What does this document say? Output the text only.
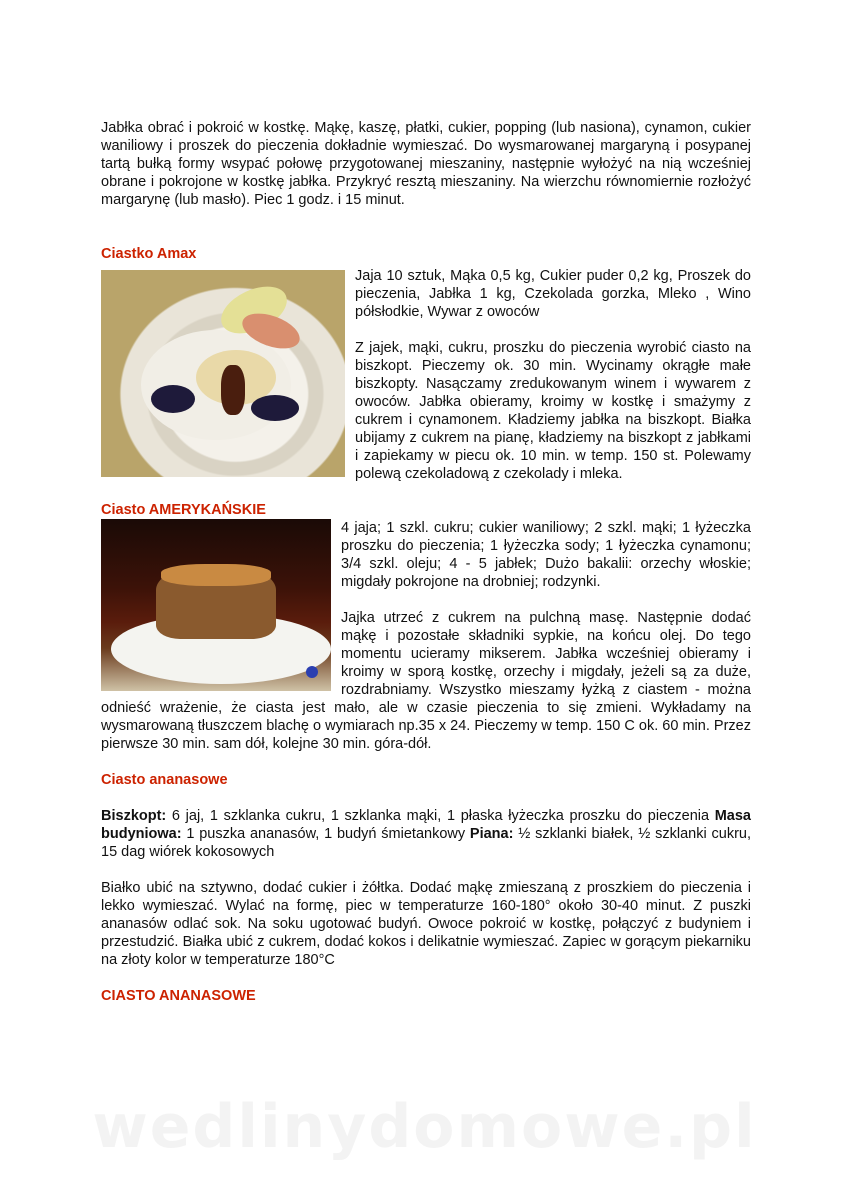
Jabłka obrać i pokroić w kostkę. Mąkę, kaszę, płatki, cukier, popping (lub nasiona), cynamon, cukier waniliowy i proszek do pieczenia dokładnie wymieszać. Do wysmarowanej margaryną i posypanej tartą bułką formy wsypać połowę przygotowanej mieszaniny, następnie wyłożyć na nią wcześniej obrane i pokrojone w kostkę jabłka. Przykryć resztą mieszaniny. Na wierzchu równomiernie rozłożyć margarynę (lub masło). Piec 1 godz. i 15 minut.

Ciastko Amax

Jaja 10 sztuk, Mąka 0,5 kg, Cukier puder 0,2 kg, Proszek do pieczenia, Jabłka 1 kg, Czekolada gorzka, Mleko , Wino półsłodkie, Wywar z owoców

Z jajek, mąki, cukru, proszku do pieczenia wyrobić ciasto na biszkopt. Pieczemy ok. 30 min. Wycinamy okrągłe małe biszkopty. Nasączamy zredukowanym winem i wywarem z owoców. Jabłka obieramy, kroimy w kostkę i smażymy z cukrem i cynamonem. Kładziemy jabłka na biszkopt. Białka ubijamy z cukrem na pianę, kładziemy na biszkopt z jabłkami i zapiekamy w piecu ok. 10 min. w temp. 150 st. Polewamy polewą czekoladową z czekolady i mleka.

Ciasto AMERYKAŃSKIE

4 jaja; 1 szkl. cukru; cukier waniliowy; 2 szkl. mąki; 1 łyżeczka proszku do pieczenia; 1 łyżeczka sody; 1 łyżeczka cynamonu; 3/4 szkl. oleju; 4 - 5 jabłek; Dużo bakalii: orzechy włoskie; migdały pokrojone na drobniej; rodzynki.

Jajka utrzeć z cukrem na pulchną masę. Następnie dodać mąkę i pozostałe składniki sypkie, na końcu olej. Do tego momentu ucieramy mikserem. Jabłka wcześniej obieramy i kroimy w sporą kostkę, orzechy i migdały, jeżeli są za duże, rozdrabniamy. Wszystko mieszamy łyżką z ciastem - można odnieść wrażenie, że ciasta jest mało, ale w czasie pieczenia to się zmieni. Wykładamy na wysmarowaną tłuszczem blachę o wymiarach np.35 x 24. Pieczemy w temp. 150 C ok. 60 min. Przez pierwsze 30 min. sam dół, kolejne 30 min. góra-dół.

Ciasto ananasowe

Biszkopt: 6 jaj, 1 szklanka cukru, 1 szklanka mąki, 1 płaska łyżeczka proszku do pieczenia Masa budyniowa: 1 puszka ananasów, 1 budyń śmietankowy Piana: ½ szklanki białek, ½ szklanki cukru, 15 dag wiórek kokosowych

Białko ubić na sztywno, dodać cukier i żółtka. Dodać mąkę zmieszaną z proszkiem do pieczenia i lekko wymieszać. Wylać na formę, piec w temperaturze 160-180° około 30-40 minut. Z puszki ananasów odlać sok. Na soku ugotować budyń. Owoce pokroić w kostkę, połączyć z budyniem i przestudzić. Białka ubić z cukrem, dodać kokos i delikatnie wymieszać. Zapiec w gorącym piekarniku na złoty kolor w temperaturze 180°C

CIASTO ANANASOWE
wedlinydomowe.pl
